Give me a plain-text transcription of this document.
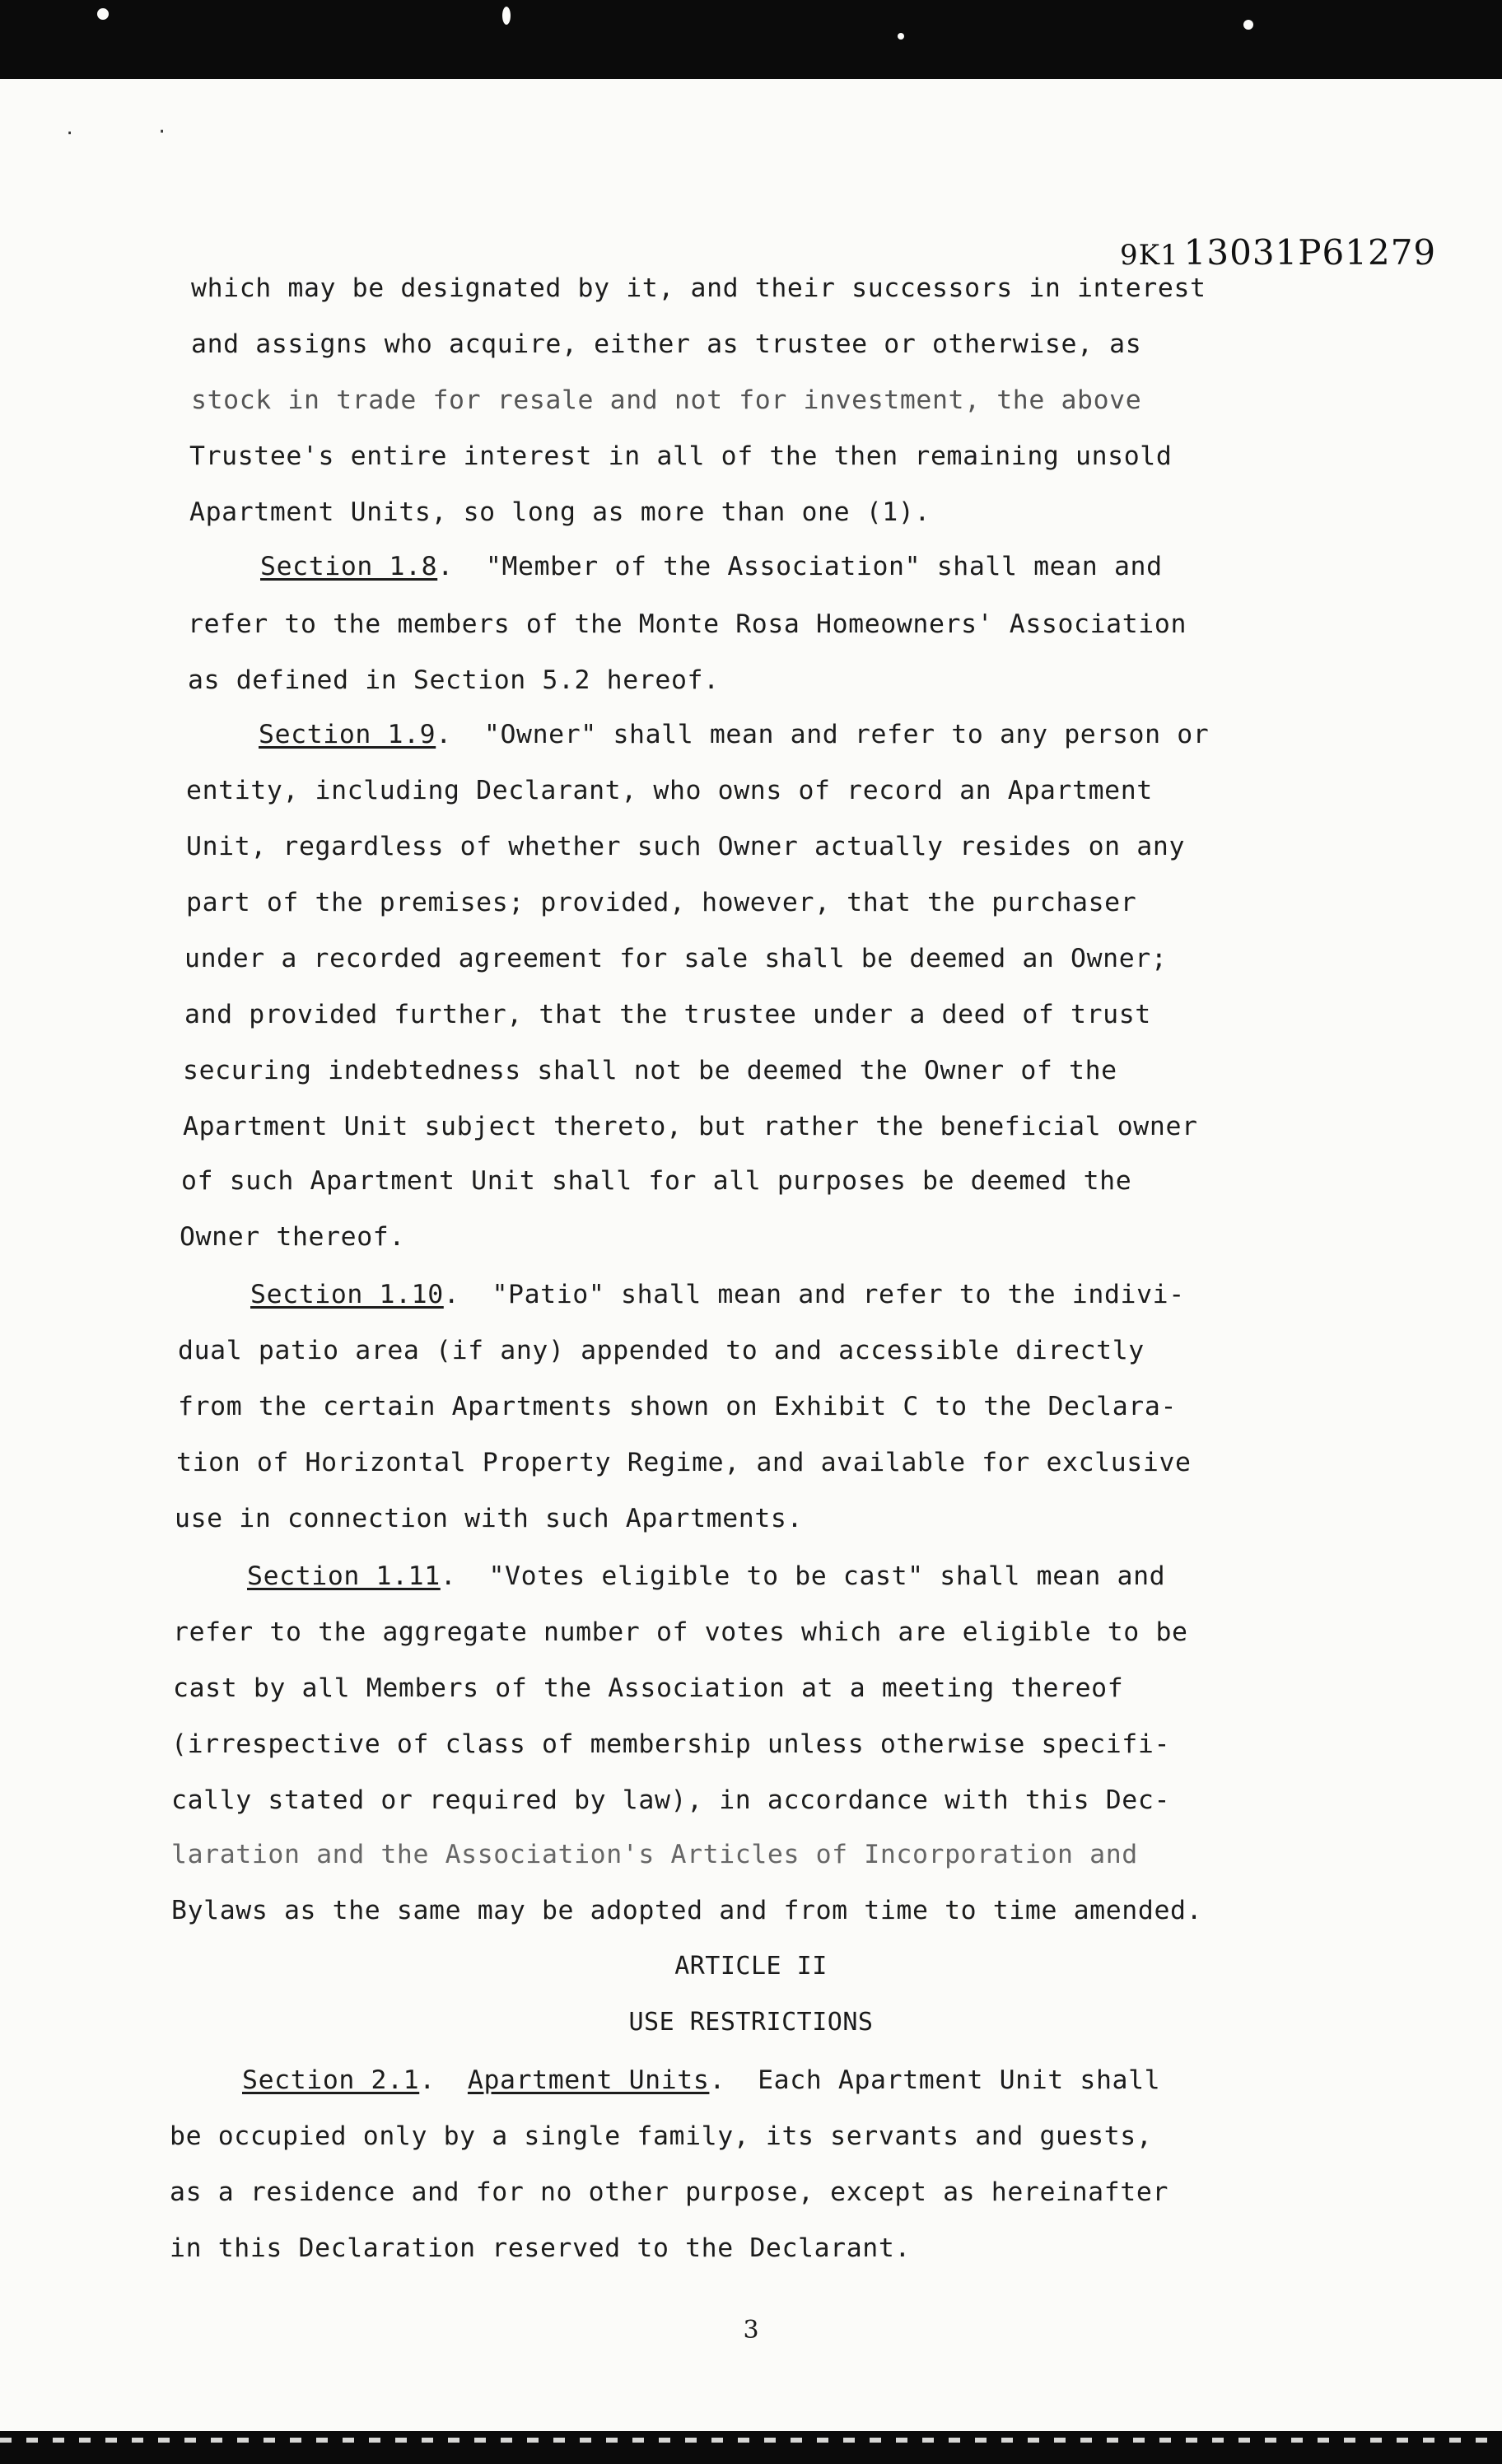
·	·
9K1 13031P61279
which may be designated by it, and their successors in interest
and assigns who acquire, either as trustee or otherwise, as
stock in trade for resale and not for investment, the above
Trustee's entire interest in all of the then remaining unsold
Apartment Units, so long as more than one (1).
Section 1.8.  "Member of the Association" shall mean and
refer to the members of the Monte Rosa Homeowners' Association
as defined in Section 5.2 hereof.
Section 1.9.  "Owner" shall mean and refer to any person or
entity, including Declarant, who owns of record an Apartment
Unit, regardless of whether such Owner actually resides on any
part of the premises; provided, however, that the purchaser
under a recorded agreement for sale shall be deemed an Owner;
and provided further, that the trustee under a deed of trust
securing indebtedness shall not be deemed the Owner of the
Apartment Unit subject thereto, but rather the beneficial owner
of such Apartment Unit shall for all purposes be deemed the
Owner thereof.
Section 1.10.  "Patio" shall mean and refer to the indivi-
dual patio area (if any) appended to and accessible directly
from the certain Apartments shown on Exhibit C to the Declara-
tion of Horizontal Property Regime, and available for exclusive
use in connection with such Apartments.
Section 1.11.  "Votes eligible to be cast" shall mean and
refer to the aggregate number of votes which are eligible to be
cast by all Members of the Association at a meeting thereof
(irrespective of class of membership unless otherwise specifi-
cally stated or required by law), in accordance with this Dec-
laration and the Association's Articles of Incorporation and
Bylaws as the same may be adopted and from time to time amended.
ARTICLE II
USE RESTRICTIONS
Section 2.1.  Apartment Units.  Each Apartment Unit shall
be occupied only by a single family, its servants and guests,
as a residence and for no other purpose, except as hereinafter
in this Declaration reserved to the Declarant.
3
